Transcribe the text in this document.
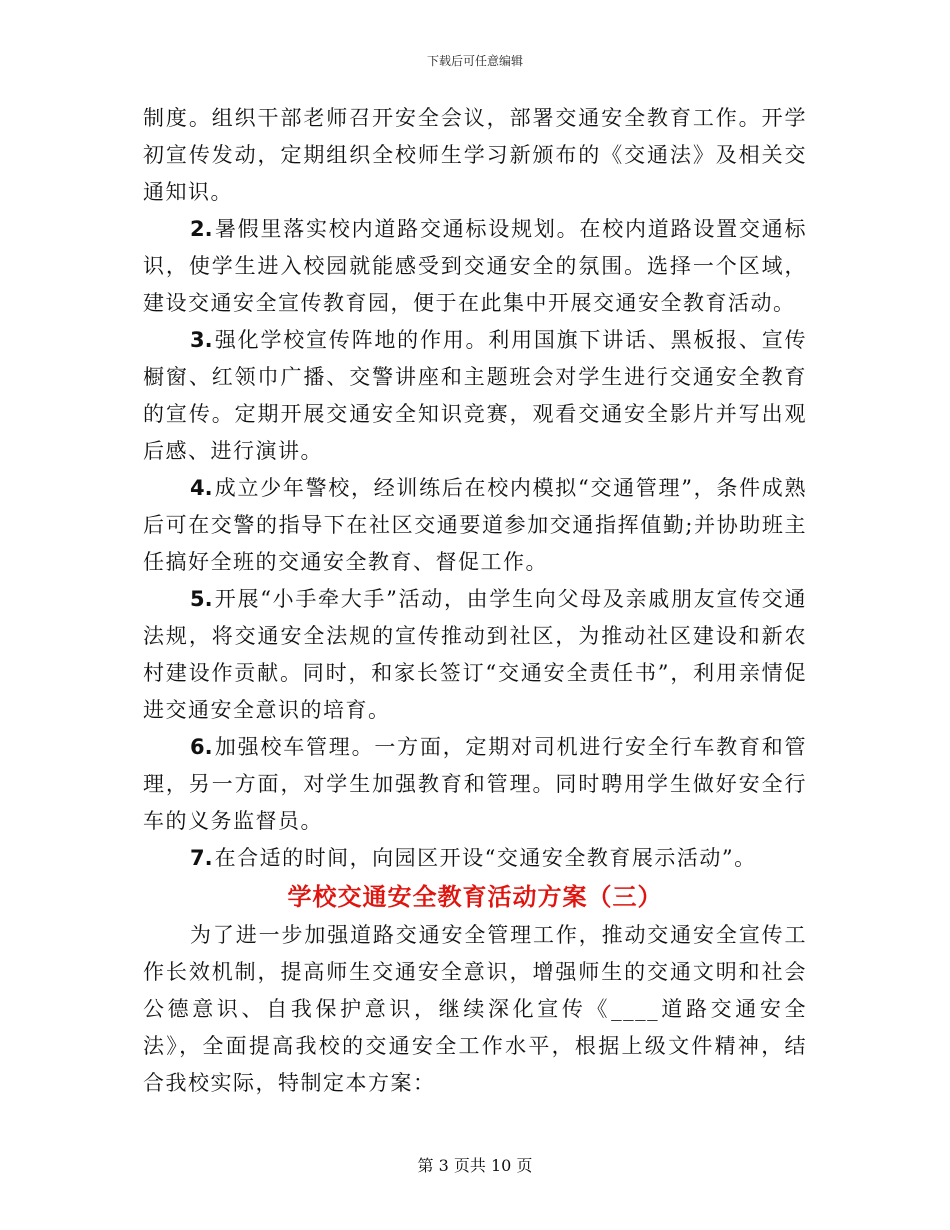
下载后可任意编辑

制度。组织干部老师召开安全会议，部署交通安全教育工作。开学初宣传发动，定期组织全校师生学习新颁布的《交通法》及相关交通知识。

2.暑假里落实校内道路交通标设规划。在校内道路设置交通标识，使学生进入校园就能感受到交通安全的氛围。选择一个区域，建设交通安全宣传教育园，便于在此集中开展交通安全教育活动。

3.强化学校宣传阵地的作用。利用国旗下讲话、黑板报、宣传橱窗、红领巾广播、交警讲座和主题班会对学生进行交通安全教育的宣传。定期开展交通安全知识竞赛，观看交通安全影片并写出观后感、进行演讲。

4.成立少年警校，经训练后在校内模拟“交通管理”，条件成熟后可在交警的指导下在社区交通要道参加交通指挥值勤;并协助班主任搞好全班的交通安全教育、督促工作。

5.开展“小手牵大手”活动，由学生向父母及亲戚朋友宣传交通法规，将交通安全法规的宣传推动到社区，为推动社区建设和新农村建设作贡献。同时，和家长签订“交通安全责任书”，利用亲情促进交通安全意识的培育。

6.加强校车管理。一方面，定期对司机进行安全行车教育和管理，另一方面，对学生加强教育和管理。同时聘用学生做好安全行车的义务监督员。

7.在合适的时间，向园区开设“交通安全教育展示活动”。

学校交通安全教育活动方案（三）

为了进一步加强道路交通安全管理工作，推动交通安全宣传工作长效机制，提高师生交通安全意识，增强师生的交通文明和社会公德意识、自我保护意识，继续深化宣传《____道路交通安全法》，全面提高我校的交通安全工作水平，根据上级文件精神，结合我校实际，特制定本方案：

第 3 页共 10 页
